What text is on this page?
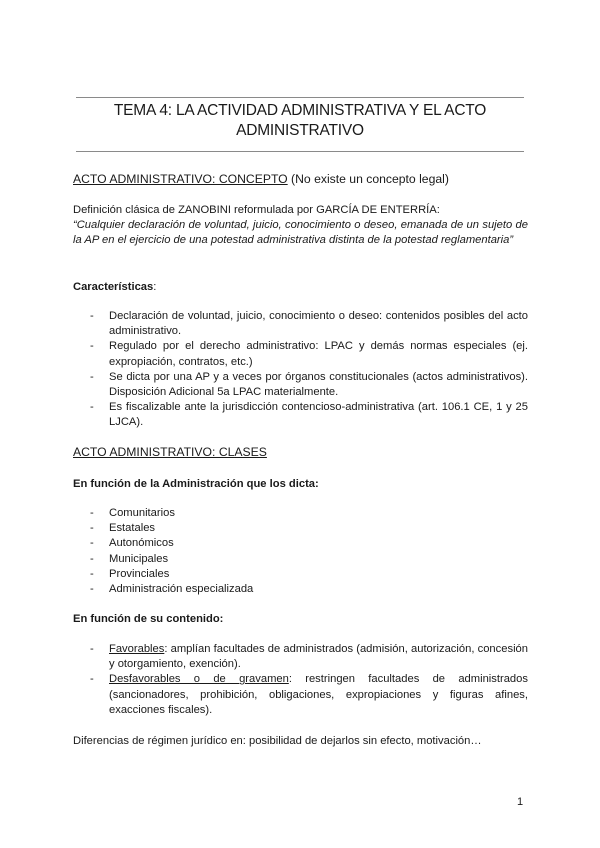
TEMA 4: LA ACTIVIDAD ADMINISTRATIVA Y EL ACTO
ADMINISTRATIVO
ACTO ADMINISTRATIVO: CONCEPTO (No existe un concepto legal)
Definición clásica de ZANOBINI reformulada por GARCÍA DE ENTERRÍA:
“Cualquier declaración de voluntad, juicio, conocimiento o deseo, emanada de un sujeto de la AP en el ejercicio de una potestad administrativa distinta de la potestad reglamentaria”
Características:
- Declaración de voluntad, juicio, conocimiento o deseo: contenidos posibles del acto administrativo.
- Regulado por el derecho administrativo: LPAC y demás normas especiales (ej. expropiación, contratos, etc.)
- Se dicta por una AP y a veces por órganos constitucionales (actos administrativos). Disposición Adicional 5a LPAC materialmente.
- Es fiscalizable ante la jurisdicción contencioso-administrativa (art. 106.1 CE, 1 y 25 LJCA).
ACTO ADMINISTRATIVO: CLASES
En función de la Administración que los dicta:
- Comunitarios
- Estatales
- Autonómicos
- Municipales
- Provinciales
- Administración especializada
En función de su contenido:
- Favorables: amplían facultades de administrados (admisión, autorización, concesión y otorgamiento, exención).
- Desfavorables o de gravamen: restringen facultades de administrados (sancionadores, prohibición, obligaciones, expropiaciones y figuras afines, exacciones fiscales).
Diferencias de régimen jurídico en: posibilidad de dejarlos sin efecto, motivación…
1
